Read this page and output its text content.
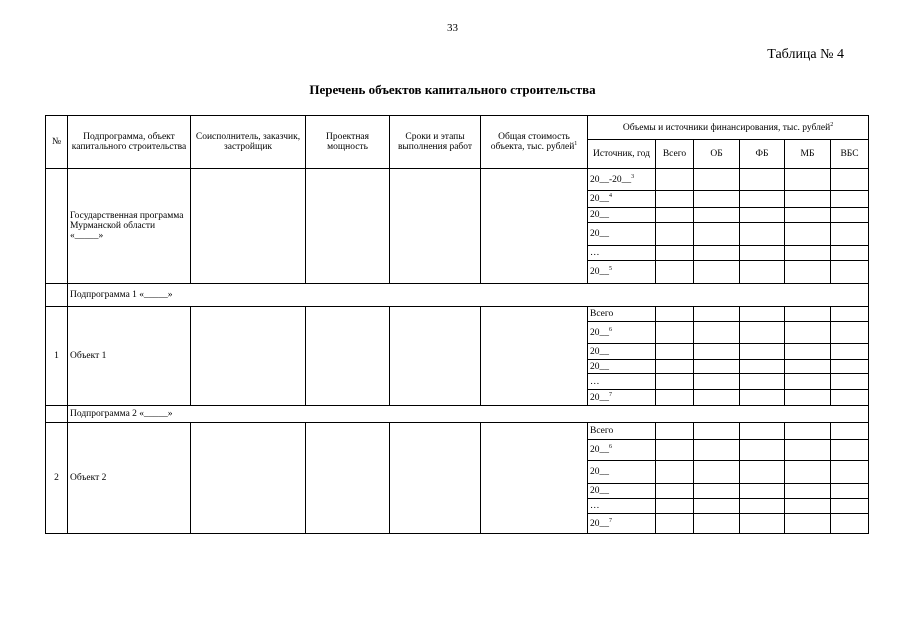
33
Таблица № 4
Перечень объектов капитального строительства
№	Подпрограмма, объект капитального строительства	Соисполнитель, заказчик, застройщик	Проектная мощность	Сроки и этапы выполнения работ	Общая стоимость объекта, тыс. рублей$^1$	Объемы и источники финансирования, тыс. рублей$^2$
						Источник, год	Всего	ОБ	ФБ	МБ	ВБС
	Государственная программа Мурманской области «_____»					20__-20__$^3$					
						20__$^4$					
						20__					
						20__					
						…					
						20__$^5$					
	Подпрограмма 1 «_____»										
1	Объект 1					Всего					
						20__$^6$					
						20__					
						20__					
						…					
						20__$^7$					
	Подпрограмма 2 «_____»										
2	Объект 2					Всего					
						20__$^6$					
						20__					
						20__					
						…					
						20__$^7$					
